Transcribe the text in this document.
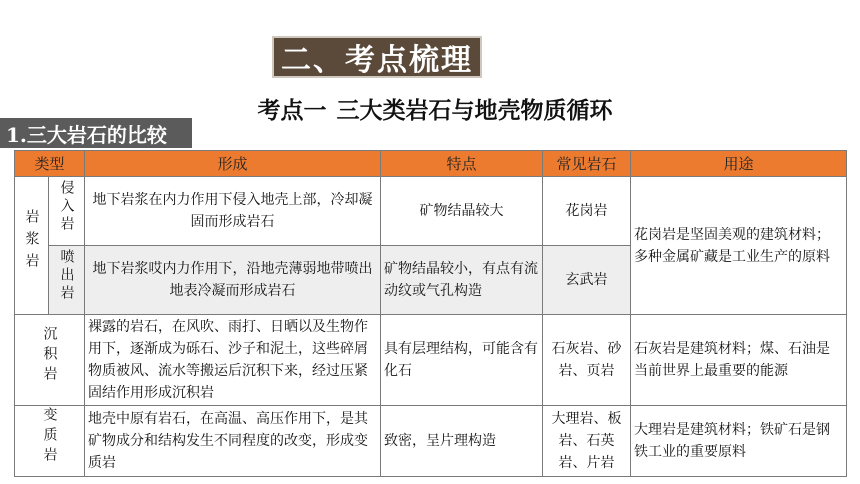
二、考点梳理
考点一 三大类岩石与地壳物质循环
1.三大岩石的比较
类型		形成	特点	常见岩石	用途
岩浆岩	侵入岩	地下岩浆在内力作用下侵入地壳上部，冷却凝固而形成岩石	矿物结晶较大	花岗岩	花岗岩是坚固美观的建筑材料；多种金属矿藏是工业生产的原料
	喷出岩	地下岩浆哎内力作用下，沿地壳薄弱地带喷出地表冷凝而形成岩石	矿物结晶较小，有点有流动纹或气孔构造	玄武岩	
沉积岩		裸露的岩石，在风吹、雨打、日晒以及生物作用下，逐渐成为砾石、沙子和泥土，这些碎屑物质被风、流水等搬运后沉积下来，经过压紧固结作用形成沉积岩	具有层理结构，可能含有化石	石灰岩、砂岩、页岩	石灰岩是建筑材料；煤、石油是当前世界上最重要的能源
变质岩		地壳中原有岩石，在高温、高压作用下，是其矿物成分和结构发生不同程度的改变，形成变质岩	致密，呈片理构造	大理岩、板岩、石英岩、片岩	大理岩是建筑材料；铁矿石是钢铁工业的重要原料
